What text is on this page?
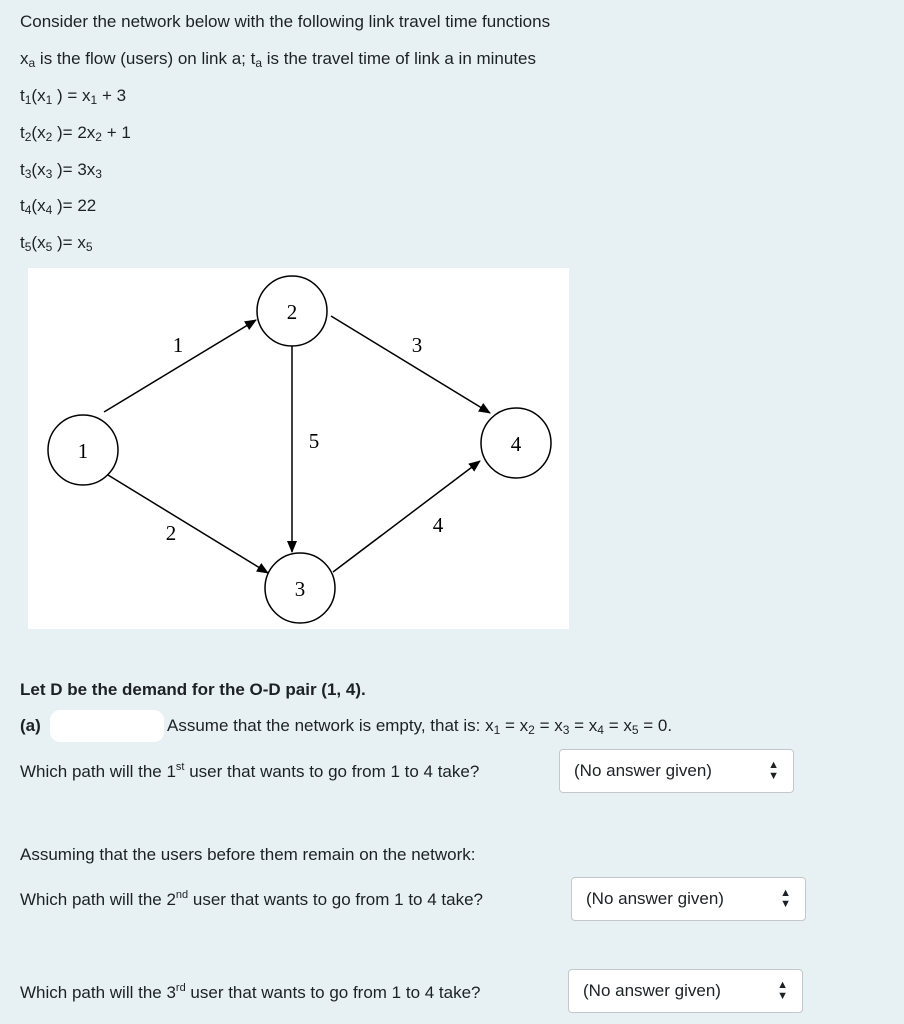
Consider the network below with the following link travel time functions
$x_a$ is the flow (users) on link a; $t_a$ is the travel time of link a in minutes
$t_1(x_1$ ) = $x_1 + 3$
$t_2(x_2$ )= $2x_2 + 1$
$t_3(x_3$ )= $3x_3$
$t_4(x_4$ )= 22
$t_5(x_5$ )= $x_5$
1
2
3
4
1
2
3
4
5
Let D be the demand for the O-D pair (1, 4).
(a)	Assume that the network is empty, that is: $x_1 = x_2 = x_3 = x_4 = x_5 = 0$.
Which path will the 1st user that wants to go from 1 to 4 take?	(No answer given)	▲
▼
Assuming that the users before them remain on the network:
Which path will the 2nd user that wants to go from 1 to 4 take?	(No answer given)	▲
▼
Which path will the 3rd user that wants to go from 1 to 4 take?	(No answer given)	▲
▼
